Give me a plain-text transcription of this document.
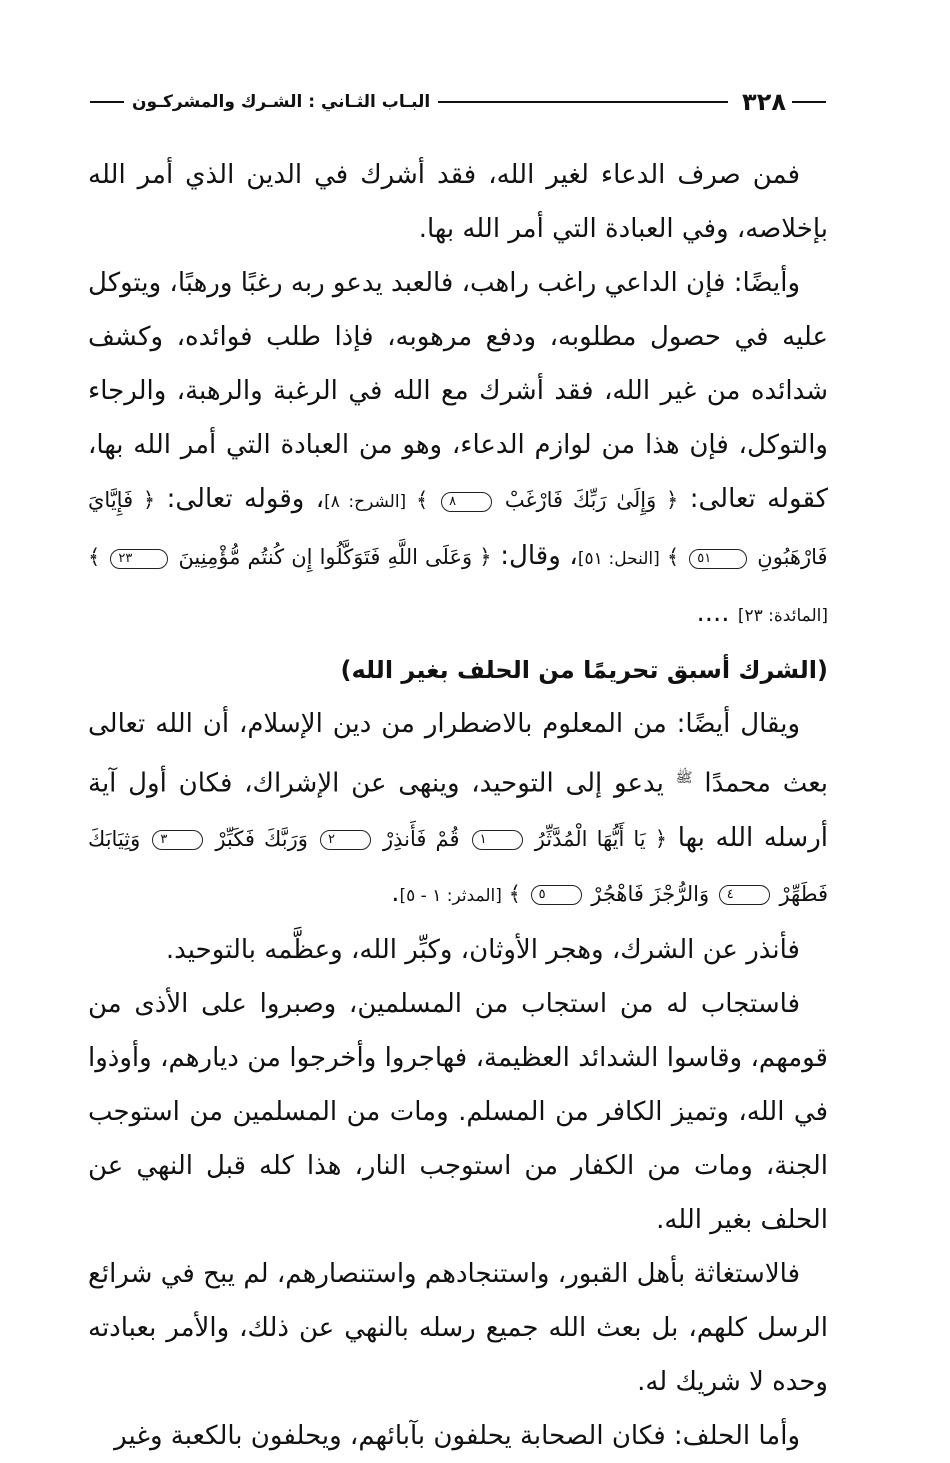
٣٢٨
البـاب الثـاني : الشـرك والمشركـون

فمن صرف الدعاء لغير الله، فقد أشرك في الدين الذي أمر الله بإخلاصه، وفي العبادة التي أمر الله بها.

وأيضًا: فإن الداعي راغب راهب، فالعبد يدعو ربه رغبًا ورهبًا، ويتوكل عليه في حصول مطلوبه، ودفع مرهوبه، فإذا طلب فوائده، وكشف شدائده من غير الله، فقد أشرك مع الله في الرغبة والرهبة، والرجاء والتوكل، فإن هذا من لوازم الدعاء، وهو من العبادة التي أمر الله بها، كقوله تعالى: ﴿ وَإِلَىٰ رَبِّكَ فَارْغَبْ ٨ ﴾ [الشرح: ٨]، وقوله تعالى: ﴿ فَإِيَّايَ فَارْهَبُونِ ٥١ ﴾ [النحل: ٥١]، وقال: ﴿ وَعَلَى اللَّهِ فَتَوَكَّلُوا إِن كُنتُم مُّؤْمِنِينَ ٢٣ ﴾ [المائدة: ٢٣] ....

(الشرك أسبق تحريمًا من الحلف بغير الله)

ويقال أيضًا: من المعلوم بالاضطرار من دين الإسلام، أن الله تعالى بعث محمدًا $^ﷺ$ يدعو إلى التوحيد، وينهى عن الإشراك، فكان أول آية أرسله الله بها ﴿ يَا أَيُّهَا الْمُدَّثِّرُ ١ قُمْ فَأَنذِرْ ٢ وَرَبَّكَ فَكَبِّرْ ٣ وَثِيَابَكَ فَطَهِّرْ ٤ وَالرُّجْزَ فَاهْجُرْ ٥ ﴾ [المدثر: ١ - ٥].

فأنذر عن الشرك، وهجر الأوثان، وكبِّر الله، وعظَّمه بالتوحيد.

فاستجاب له من استجاب من المسلمين، وصبروا على الأذى من قومهم، وقاسوا الشدائد العظيمة، فهاجروا وأخرجوا من ديارهم، وأوذوا في الله، وتميز الكافر من المسلم. ومات من المسلمين من استوجب الجنة، ومات من الكفار من استوجب النار، هذا كله قبل النهي عن الحلف بغير الله.

فالاستغاثة بأهل القبور، واستنجادهم واستنصارهم، لم يبح في شرائع الرسل كلهم، بل بعث الله جميع رسله بالنهي عن ذلك، والأمر بعبادته وحده لا شريك له.

وأما الحلف: فكان الصحابة يحلفون بآبائهم، ويحلفون بالكعبة وغير
